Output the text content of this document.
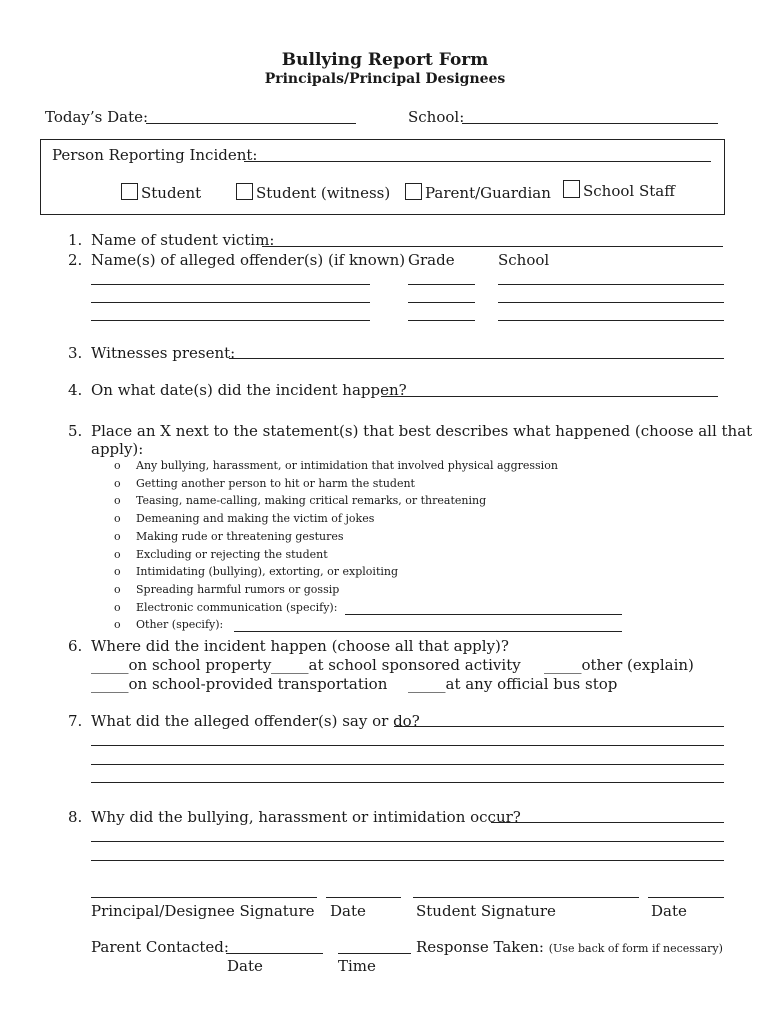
Bullying Report Form
Principals/Principal Designees
Today’s Date:	School:
Person Reporting Incident:
Student	Student (witness)	Parent/Guardian	School Staff
1. Name of student victim:
2. Name(s) of alleged offender(s) (if known) Grade	School
3. Witnesses present:
4. On what date(s) did the incident happen?
5. Place an X next to the statement(s) that best describes what happened (choose all that
apply):
o Any bullying, harassment, or intimidation that involved physical aggression
o Getting another person to hit or harm the student
o Teasing, name-calling, making critical remarks, or threatening
o Demeaning and making the victim of jokes
o Making rude or threatening gestures
o Excluding or rejecting the student
o Intimidating (bullying), extorting, or exploiting
o Spreading harmful rumors or gossip
o Electronic communication (specify):
o Other (specify):
6. Where did the incident happen (choose all that apply)?
_____on school property _____at school sponsored activity _____other (explain)
_____on school-provided transportation _____at any official bus stop
7. What did the alleged offender(s) say or do?
8. Why did the bullying, harassment or intimidation occur?
Principal/Designee Signature Date	Student Signature	Date
Parent Contacted:	Response Taken: (Use back of form if necessary)
Date	Time
